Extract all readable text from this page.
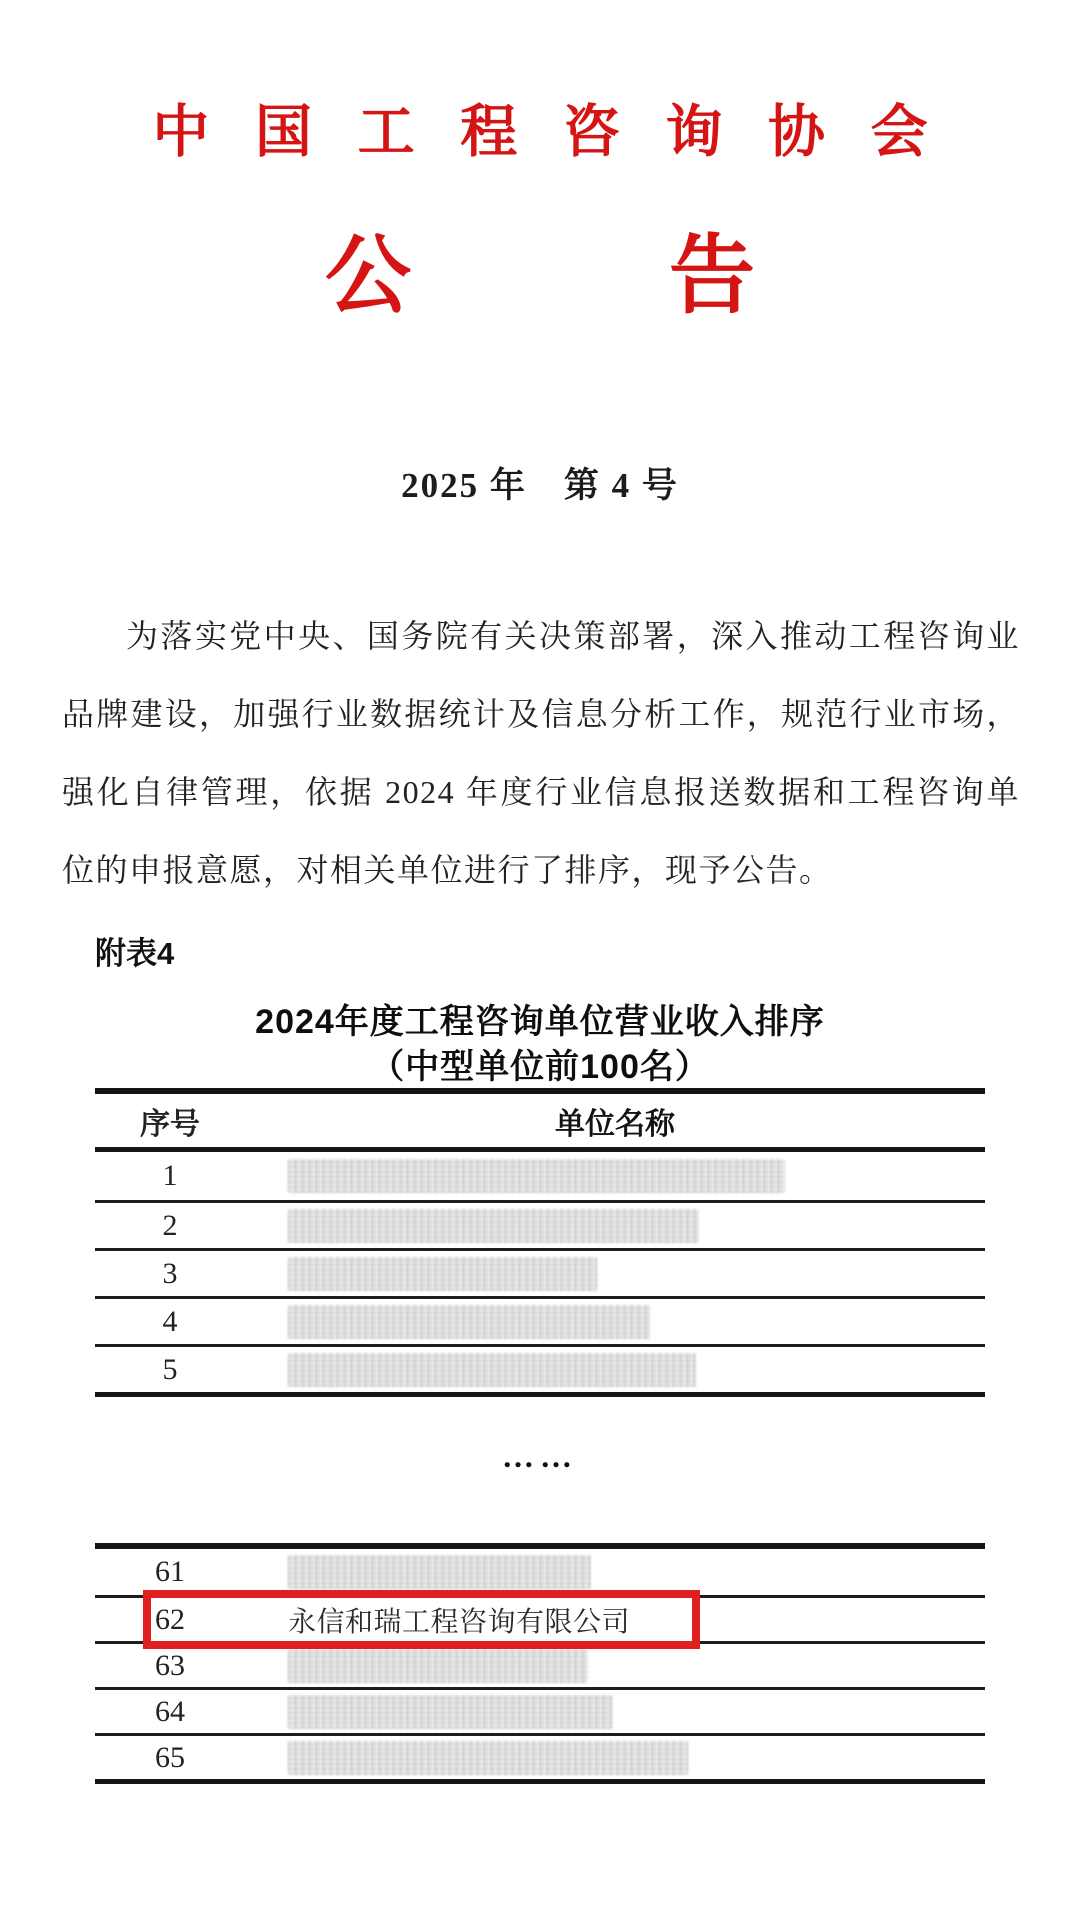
中国工程咨询协会
公　告
2025 年　第 4 号
为落实党中央、国务院有关决策部署，深入推动工程咨询业品牌建设，加强行业数据统计及信息分析工作，规范行业市场，强化自律管理，依据 2024 年度行业信息报送数据和工程咨询单位的申报意愿，对相关单位进行了排序，现予公告。
附表4
2024年度工程咨询单位营业收入排序
（中型单位前100名）
序号	单位名称
1
2
3
4
5
……
61
62	永信和瑞工程咨询有限公司
63
64
65
